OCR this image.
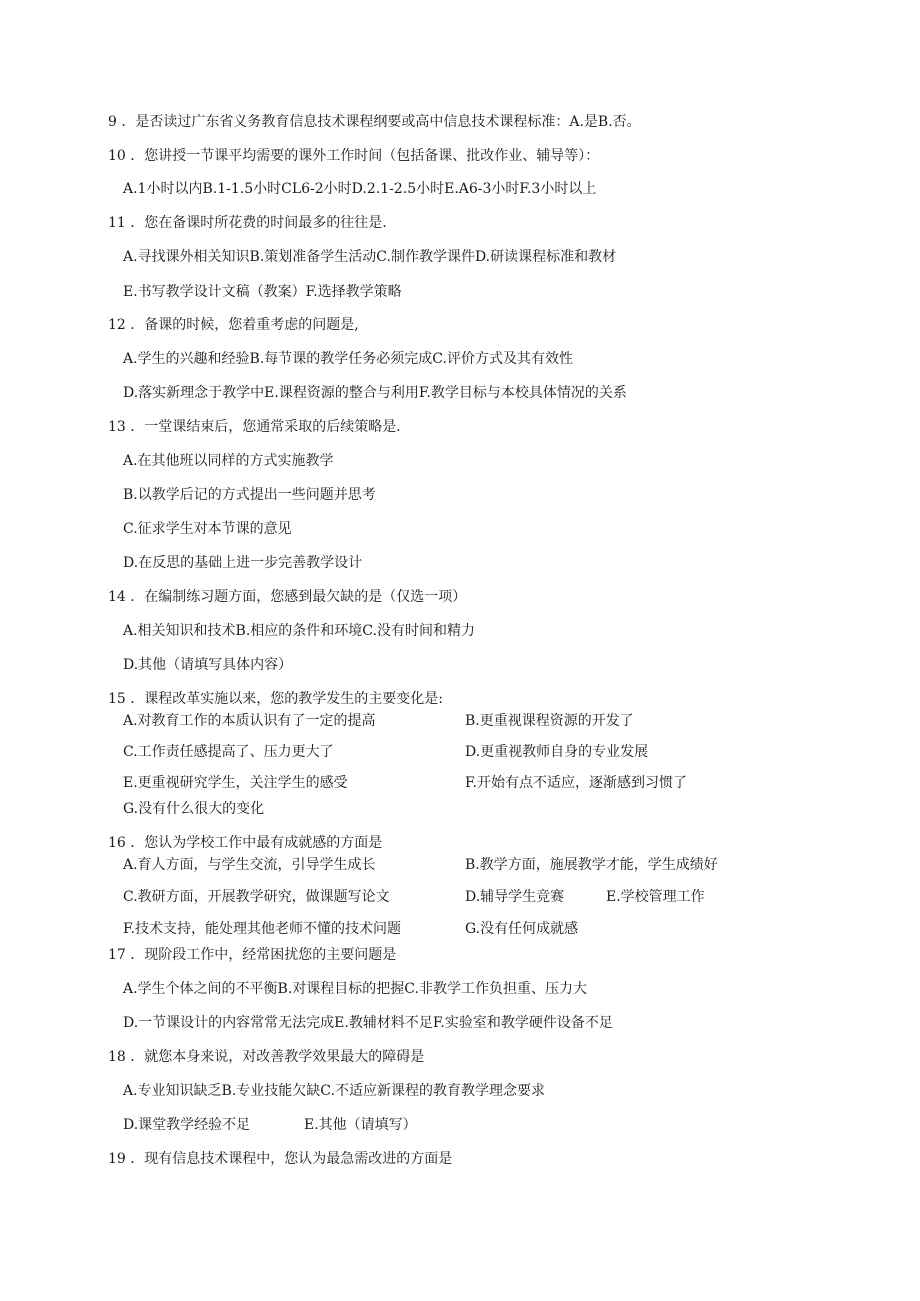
9 ．是否读过广东省义务教育信息技术课程纲要或高中信息技术课程标准：A.是B.否。
10 ．您讲授一节课平均需要的课外工作时间（包括备课、批改作业、辅导等）：
A.1小时以内B.1-1.5小时CL6-2小时D.2.1-2.5小时E.A6-3小时F.3小时以上
11 ．您在备课时所花费的时间最多的往往是.
A.寻找课外相关知识B.策划准备学生活动C.制作教学课件D.研读课程标准和教材
E.书写教学设计文稿（教案）F.选择教学策略
12 ．备课的时候，您着重考虑的问题是,
A.学生的兴趣和经验B.每节课的教学任务必须完成C.评价方式及其有效性
D.落实新理念于教学中E.课程资源的整合与利用F.教学目标与本校具体情况的关系
13 ．一堂课结束后，您通常采取的后续策略是.
A.在其他班以同样的方式实施教学
B.以教学后记的方式提出一些问题并思考
C.征求学生对本节课的意见
D.在反思的基础上进一步完善教学设计
14 ．在编制练习题方面，您感到最欠缺的是（仅选一项）
A.相关知识和技术B.相应的条件和环境C.没有时间和精力
D.其他（请填写具体内容）
15 ．课程改革实施以来，您的教学发生的主要变化是:
A.对教育工作的本质认识有了一定的提高	B.更重视课程资源的开发了
C.工作责任感提高了、压力更大了	D.更重视教师自身的专业发展
E.更重视研究学生，关注学生的感受	F.开始有点不适应，逐渐感到习惯了
G.没有什么很大的变化
16 ．您认为学校工作中最有成就感的方面是
A.育人方面，与学生交流，引导学生成长	B.教学方面，施展教学才能，学生成绩好
C.教研方面，开展教学研究，做课题写论文	D.辅导学生竞赛	E.学校管理工作
F.技术支持，能处理其他老师不懂的技术问题	G.没有任何成就感
17 ．现阶段工作中，经常困扰您的主要问题是
A.学生个体之间的不平衡B.对课程目标的把握C.非教学工作负担重、压力大
D.一节课设计的内容常常无法完成E.教辅材料不足F.实验室和教学硬件设备不足
18 ．就您本身来说，对改善教学效果最大的障碍是
A.专业知识缺乏B.专业技能欠缺C.不适应新课程的教育教学理念要求
D.课堂教学经验不足	E.其他（请填写）
19 ．现有信息技术课程中，您认为最急需改进的方面是
